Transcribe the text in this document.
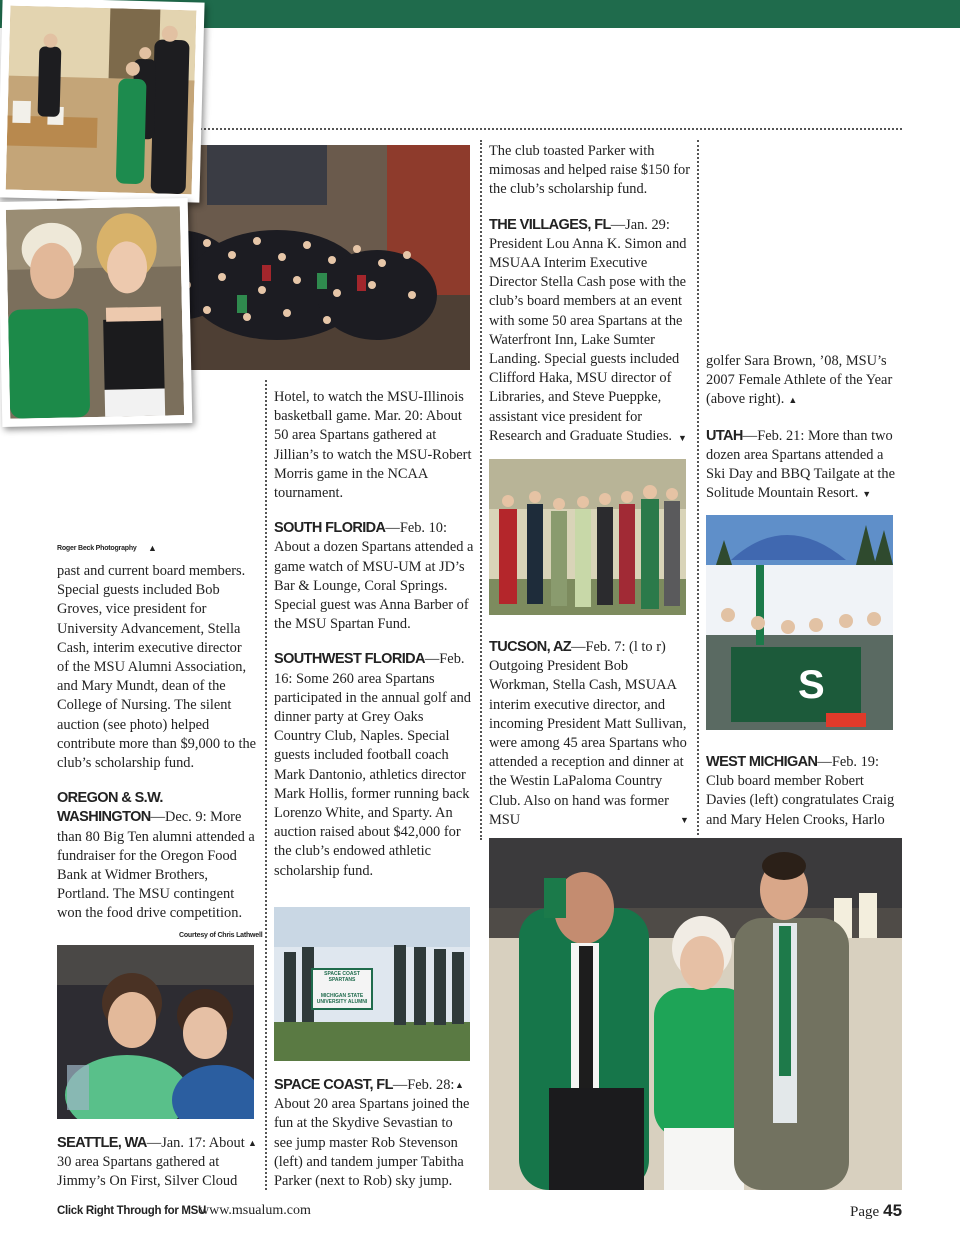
Roger Beck Photography ▲

past and current board members. Special guests included Bob Groves, vice president for University Advancement, Stella Cash, interim executive director of the MSU Alumni Association, and Mary Mundt, dean of the College of Nursing. The silent auction (see photo) helped contribute more than $9,000 to the club’s scholarship fund.

OREGON & S.W. WASHINGTON—Dec. 9: More than 80 Big Ten alumni attended a fundraiser for the Oregon Food Bank at Widmer Brothers, Portland. The MSU contingent won the food drive competition.

Courtesy of Chris Lathwell

SEATTLE, WA—Jan. 17: About 30 area Spartans gathered at Jimmy’s On First, Silver Cloud

▲

Hotel, to watch the MSU-Illinois basketball game. Mar. 20: About 50 area Spartans gathered at Jillian’s to watch the MSU-Robert Morris game in the NCAA tournament.

SOUTH FLORIDA—Feb. 10: About a dozen Spartans attended a game watch of MSU-UM at JD’s Bar & Lounge, Coral Springs. Special guest was Anna Barber of the MSU Spartan Fund.

SOUTHWEST FLORIDA—Feb. 16: Some 260 area Spartans participated in the annual golf and dinner party at Grey Oaks Country Club, Naples. Special guests included football coach Mark Dantonio, athletics director Mark Hollis, former running back Lorenzo White, and Sparty. An auction raised about $42,000 for the club’s endowed athletic scholarship fund.

SPACE COAST SPARTANS
MICHIGAN STATE UNIVERSITY ALUMNI

SPACE COAST, FL—Feb. 28: About 20 area Spartans joined the fun at the Skydive Sevastian to see jump master Rob Stevenson (left) and tandem jumper Tabitha Parker (next to Rob) sky jump.

▲

The club toasted Parker with mimosas and helped raise $150 for the club’s scholarship fund.

THE VILLAGES, FL—Jan. 29: President Lou Anna K. Simon and MSUAA Interim Executive Director Stella Cash pose with the club’s board members at an event with some 50 area Spartans at the Waterfront Inn, Lake Sumter Landing. Special guests included Clifford Haka, MSU director of Libraries, and Steve Pueppke, assistant vice president for Research and Graduate Studies. ▼

TUCSON, AZ—Feb. 7: (l to r) Outgoing President Bob Workman, Stella Cash, MSUAA interim executive director, and incoming President Matt Sullivan, were among 45 area Spartans who attended a reception and dinner at the Westin LaPaloma Country Club. Also on hand was former MSU	▼

golfer Sara Brown, ’08, MSU’s 2007 Female Athlete of the Year (above right). ▲

UTAH—Feb. 21: More than two dozen area Spartans attended a Ski Day and BBQ Tailgate at the Solitude Mountain Resort. ▼

S

WEST MICHIGAN—Feb. 19: Club board member Robert Davies (left) congratulates Craig and Mary Helen Crooks, Harlo

Click Right Through for MSU
www.msualum.com	Page 45
